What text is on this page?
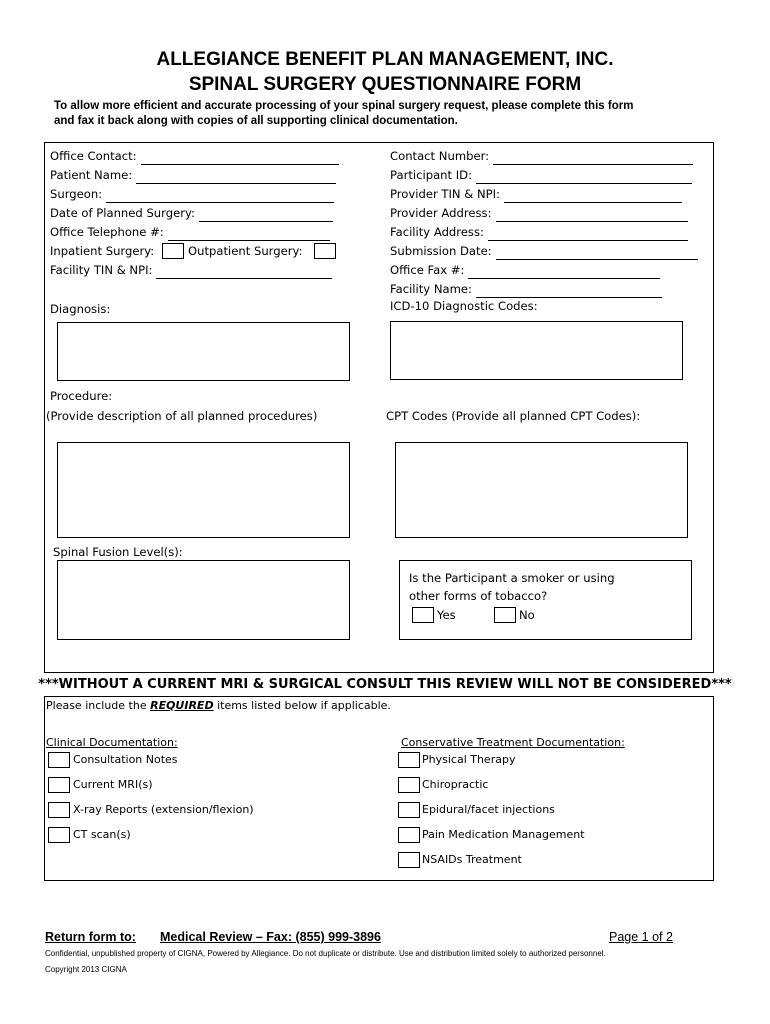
ALLEGIANCE BENEFIT PLAN MANAGEMENT, INC.
SPINAL SURGERY QUESTIONNAIRE FORM
To allow more efficient and accurate processing of your spinal surgery request, please complete this form
and fax it back along with copies of all supporting clinical documentation.
Office Contact:
Patient Name:
Surgeon:
Date of Planned Surgery:
Office Telephone #:
Inpatient Surgery:	Outpatient Surgery:
Facility TIN & NPI:
Contact Number:
Participant ID:
Provider TIN & NPI:
Provider Address:
Facility Address:
Submission Date:
Office Fax #:
Facility Name:
ICD-10 Diagnostic Codes:
Diagnosis:
Procedure:
(Provide description of all planned procedures)	CPT Codes (Provide all planned CPT Codes):
Spinal Fusion Level(s):
Is the Participant a smoker or using
other forms of tobacco?
Yes	No
***WITHOUT A CURRENT MRI & SURGICAL CONSULT THIS REVIEW WILL NOT BE CONSIDERED***
Please include the REQUIRED items listed below if applicable.
Clinical Documentation:
Consultation Notes
Current MRI(s)
X-ray Reports (extension/flexion)
CT scan(s)
Conservative Treatment Documentation:
Physical Therapy
Chiropractic
Epidural/facet injections
Pain Medication Management
NSAIDs Treatment
Return form to: Medical Review – Fax: (855) 999-3896	Page 1 of 2
Confidential, unpublished property of CIGNA, Powered by Allegiance. Do not duplicate or distribute. Use and distribution limited solely to authorized personnel.
Copyright 2013 CIGNA
